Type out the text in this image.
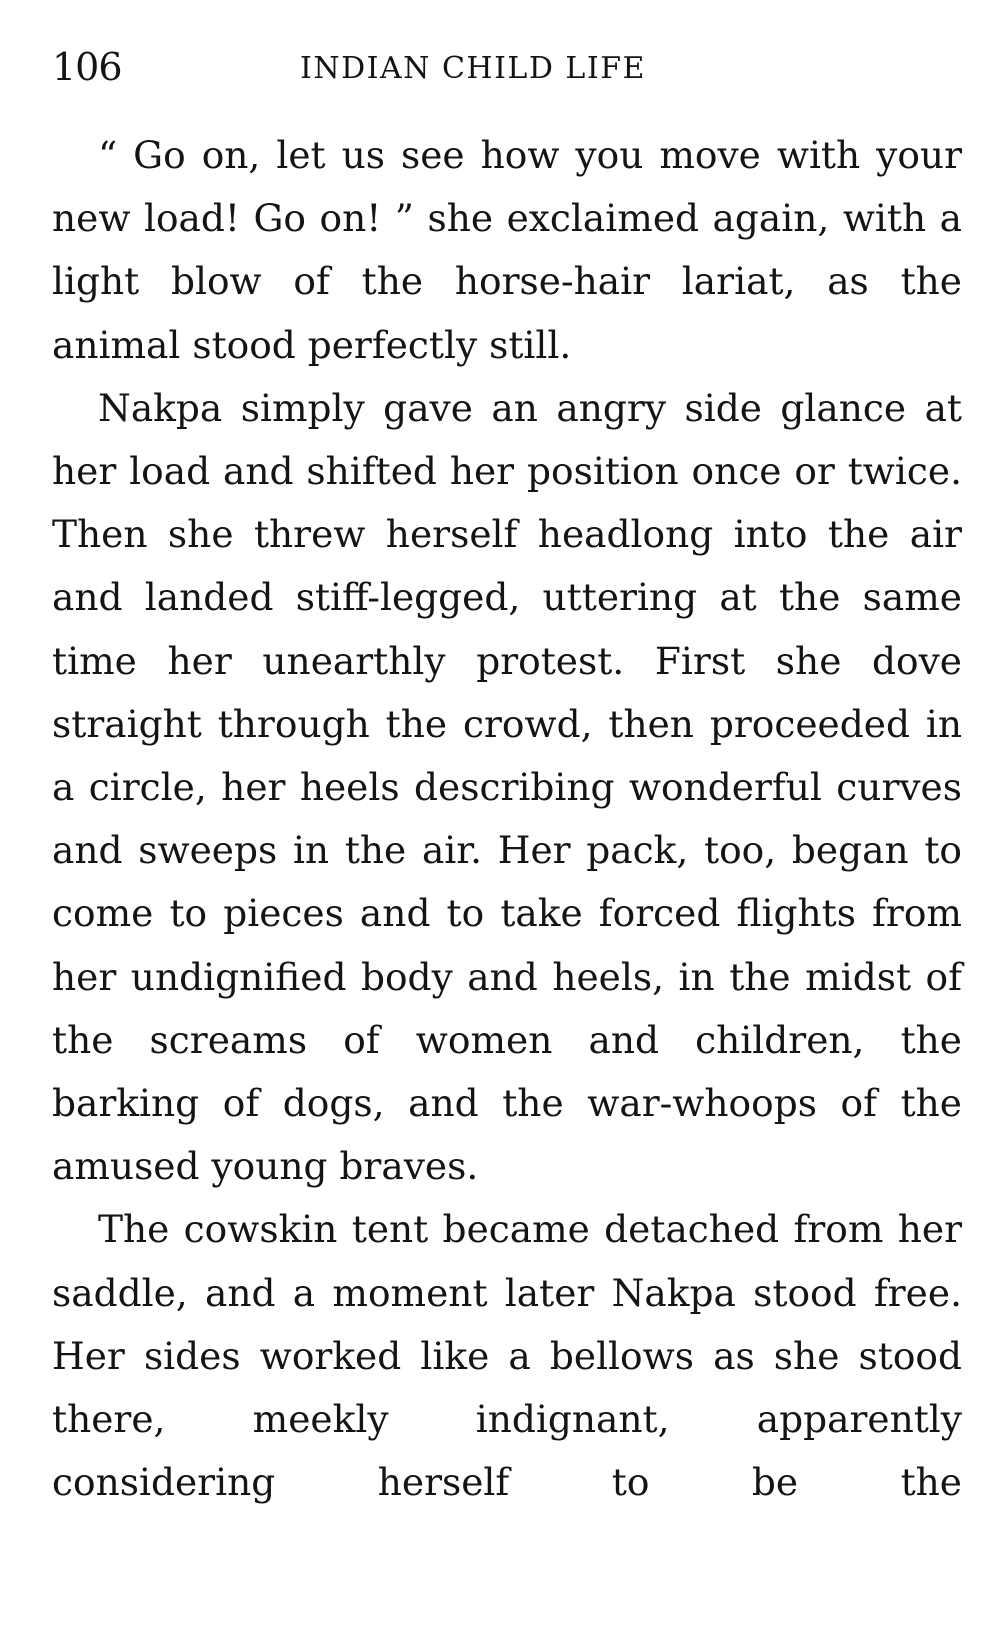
106	INDIAN CHILD LIFE

“ Go on, let us see how you move with your new load! Go on! ” she exclaimed again, with a light blow of the horse-hair lariat, as the animal stood perfectly still.

Nakpa simply gave an angry side glance at her load and shifted her position once or twice. Then she threw herself headlong into the air and landed stiff-legged, uttering at the same time her unearthly protest. First she dove straight through the crowd, then proceeded in a circle, her heels describing wonderful curves and sweeps in the air. Her pack, too, began to come to pieces and to take forced flights from her undignified body and heels, in the midst of the screams of women and children, the barking of dogs, and the war-whoops of the amused young braves.

The cowskin tent became detached from her saddle, and a moment later Nakpa stood free. Her sides worked like a bellows as she stood there, meekly indignant, apparently considering herself to be the
